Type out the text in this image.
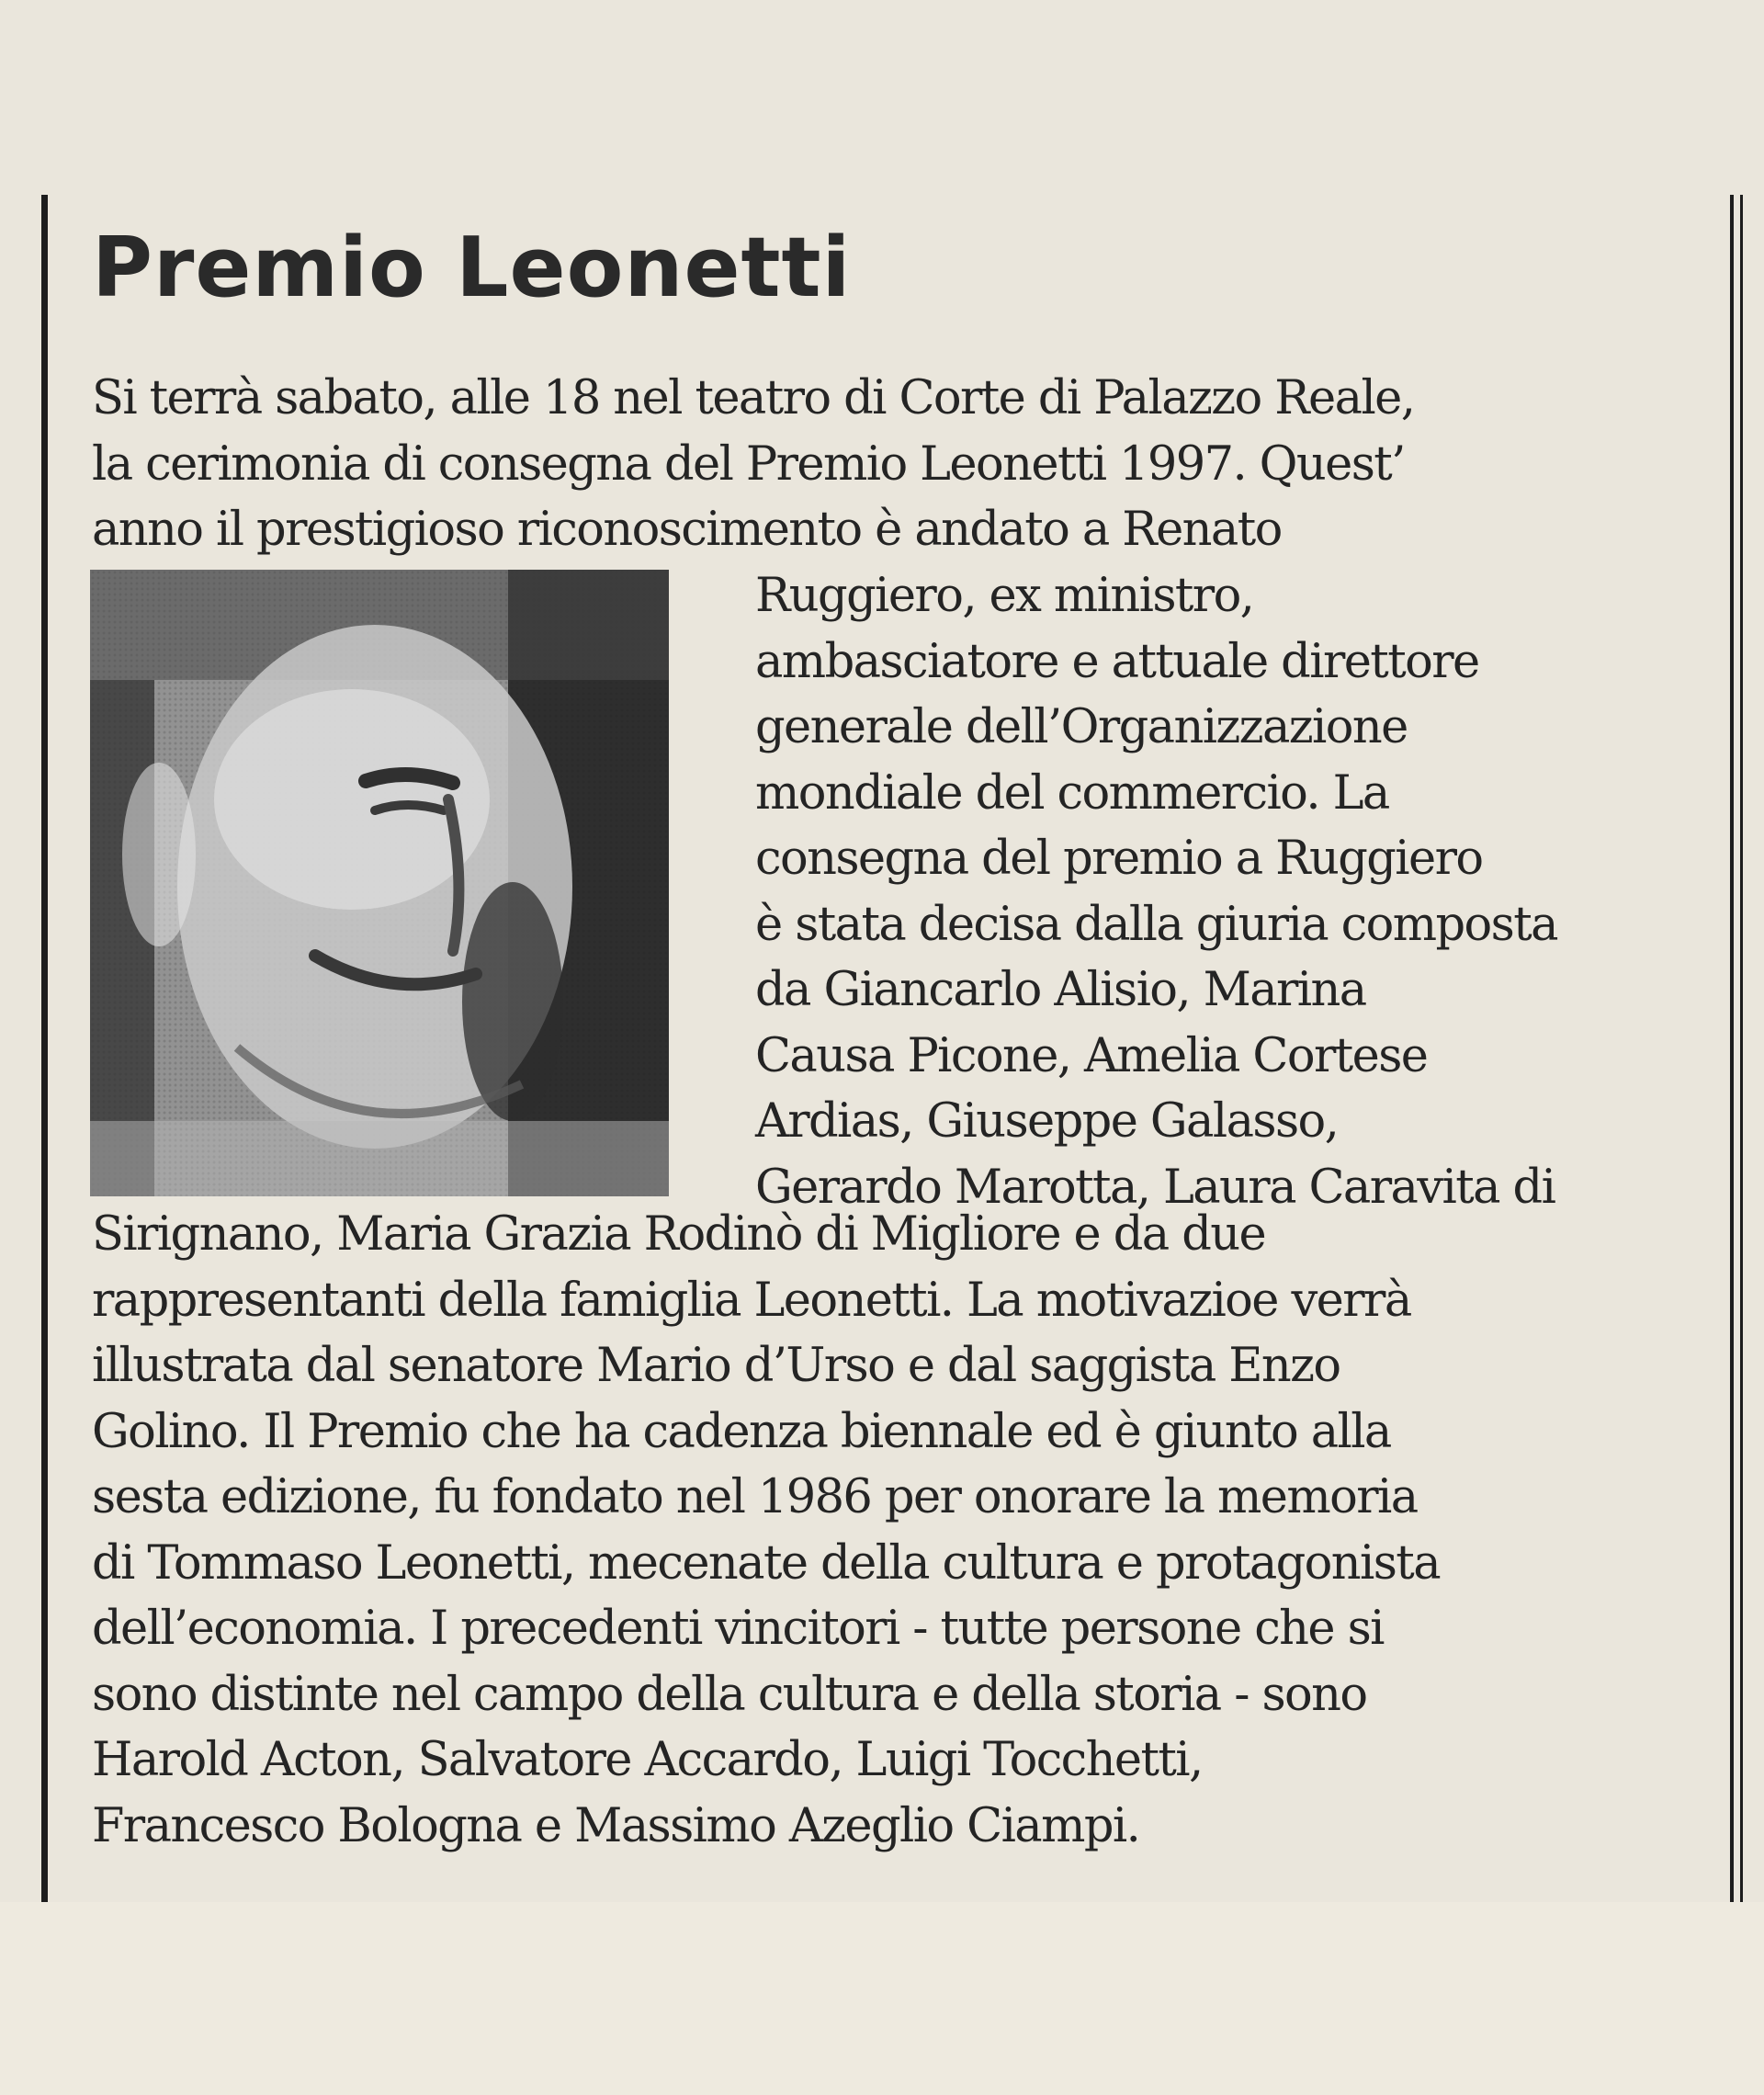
Premio Leonetti

Si terrà sabato, alle 18 nel teatro di Corte di Palazzo Reale,
la cerimonia di consegna del Premio Leonetti 1997. Quest’
anno il prestigioso riconoscimento è andato a Renato

Ruggiero, ex ministro,
ambasciatore e attuale direttore
generale dell’Organizzazione
mondiale del commercio. La
consegna del premio a Ruggiero
è stata decisa dalla giuria composta
da Giancarlo Alisio, Marina
Causa Picone, Amelia Cortese
Ardias, Giuseppe Galasso,
Gerardo Marotta, Laura Caravita di

Sirignano, Maria Grazia Rodinò di Migliore e da due
rappresentanti della famiglia Leonetti. La motivazioe verrà
illustrata dal senatore Mario d’Urso e dal saggista Enzo
Golino. Il Premio che ha cadenza biennale ed è giunto alla
sesta edizione, fu fondato nel 1986 per onorare la memoria
di Tommaso Leonetti, mecenate della cultura e protagonista
dell’economia. I precedenti vincitori - tutte persone che si
sono distinte nel campo della cultura e della storia - sono
Harold Acton, Salvatore Accardo, Luigi Tocchetti,
Francesco Bologna e Massimo Azeglio Ciampi.
